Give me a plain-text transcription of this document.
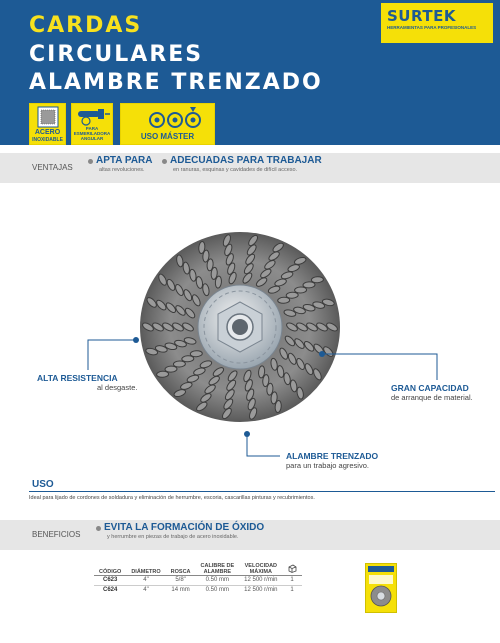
CARDAS
CIRCULARES
ALAMBRE TRENZADO
SURTEK
HERRAMIENTAS PARA PROFESIONALES
ACERO
INOXIDABLE
PARA
ESMERILADORA
ANGULAR	USO MÁSTER
VENTAJAS
APTA PARA
altas revoluciones.
ADECUADAS PARA TRABAJAR
en ranuras, esquinas y cavidades de difícil acceso.
ALTA RESISTENCIA
al desgaste.	GRAN CAPACIDAD
de arranque de material.
ALAMBRE TRENZADO
para un trabajo agresivo.
USO
Ideal para lijado de cordones de soldadura y eliminación de herrumbre, escoria, cascarillas pinturas y recubrimientos.
BENEFICIOS
EVITA LA FORMACIÓN DE ÓXIDO
y herrumbre en piezas de trabajo de acero inoxidable.
CÓDIGO	DIÁMETRO	ROSCA	CALIBRE DE
ALAMBRE	VELOCIDAD
MÁXIMA	
C623	4"	5/8"	0.50 mm	12 500 r/min	1
C624	4"	14 mm	0.50 mm	12 500 r/min	1
